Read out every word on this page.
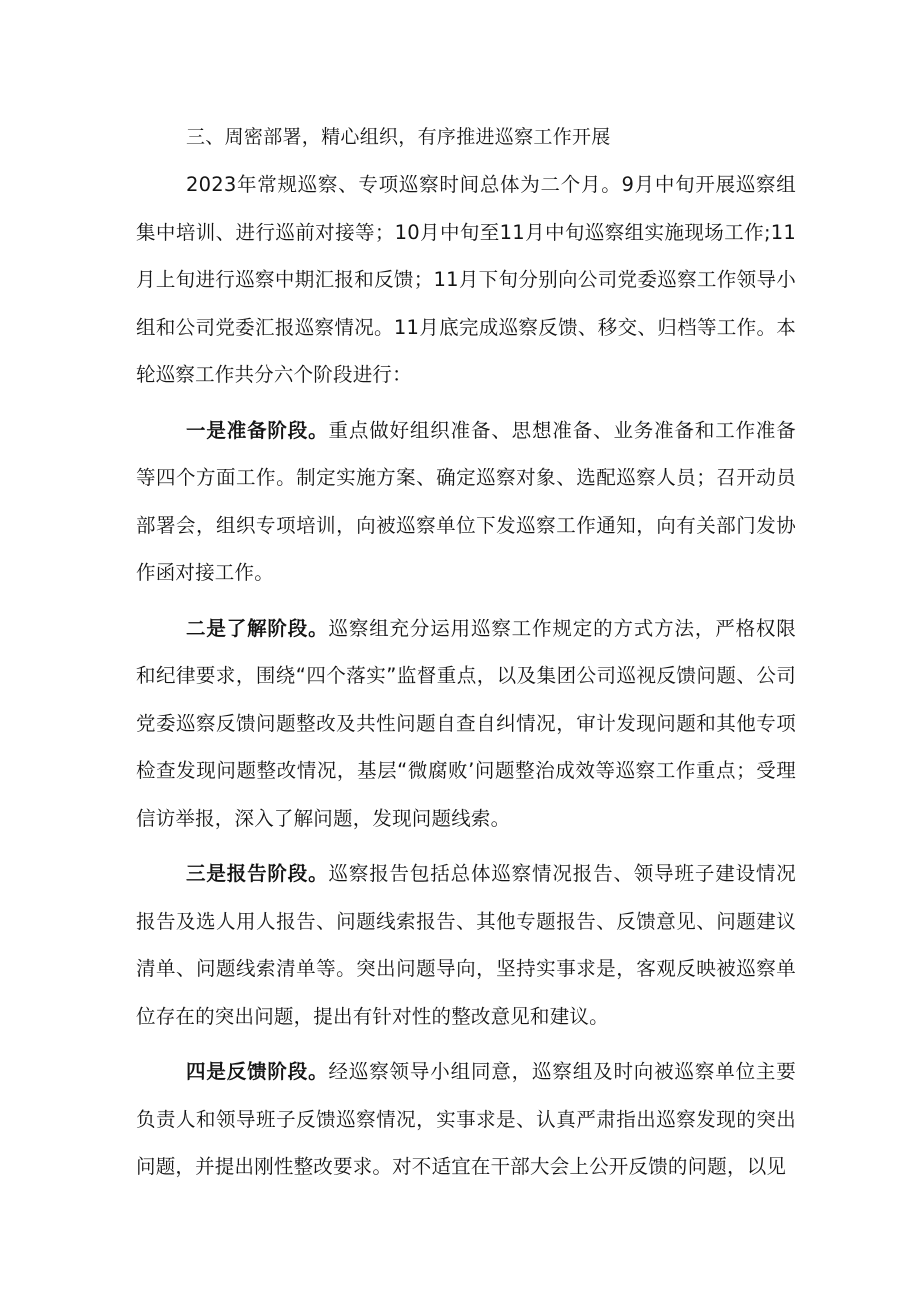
三、周密部署，精心组织，有序推进巡察工作开展

2023年常规巡察、专项巡察时间总体为二个月。9月中旬开展巡察组集中培训、进行巡前对接等；10月中旬至11月中旬巡察组实施现场工作;11月上旬进行巡察中期汇报和反馈；11月下旬分别向公司党委巡察工作领导小组和公司党委汇报巡察情况。11月底完成巡察反馈、移交、归档等工作。本轮巡察工作共分六个阶段进行：

一是准备阶段。重点做好组织准备、思想准备、业务准备和工作准备等四个方面工作。制定实施方案、确定巡察对象、选配巡察人员；召开动员部署会，组织专项培训，向被巡察单位下发巡察工作通知，向有关部门发协作函对接工作。

二是了解阶段。巡察组充分运用巡察工作规定的方式方法，严格权限和纪律要求，围绕“四个落实”监督重点，以及集团公司巡视反馈问题、公司党委巡察反馈问题整改及共性问题自查自纠情况，审计发现问题和其他专项检查发现问题整改情况，基层“微腐败’问题整治成效等巡察工作重点；受理信访举报，深入了解问题，发现问题线索。

三是报告阶段。巡察报告包括总体巡察情况报告、领导班子建设情况报告及选人用人报告、问题线索报告、其他专题报告、反馈意见、问题建议清单、问题线索清单等。突出问题导向，坚持实事求是，客观反映被巡察单位存在的突出问题，提出有针对性的整改意见和建议。

四是反馈阶段。经巡察领导小组同意，巡察组及时向被巡察单位主要负责人和领导班子反馈巡察情况，实事求是、认真严肃指出巡察发现的突出问题，并提出刚性整改要求。对不适宜在干部大会上公开反馈的问题，以见
